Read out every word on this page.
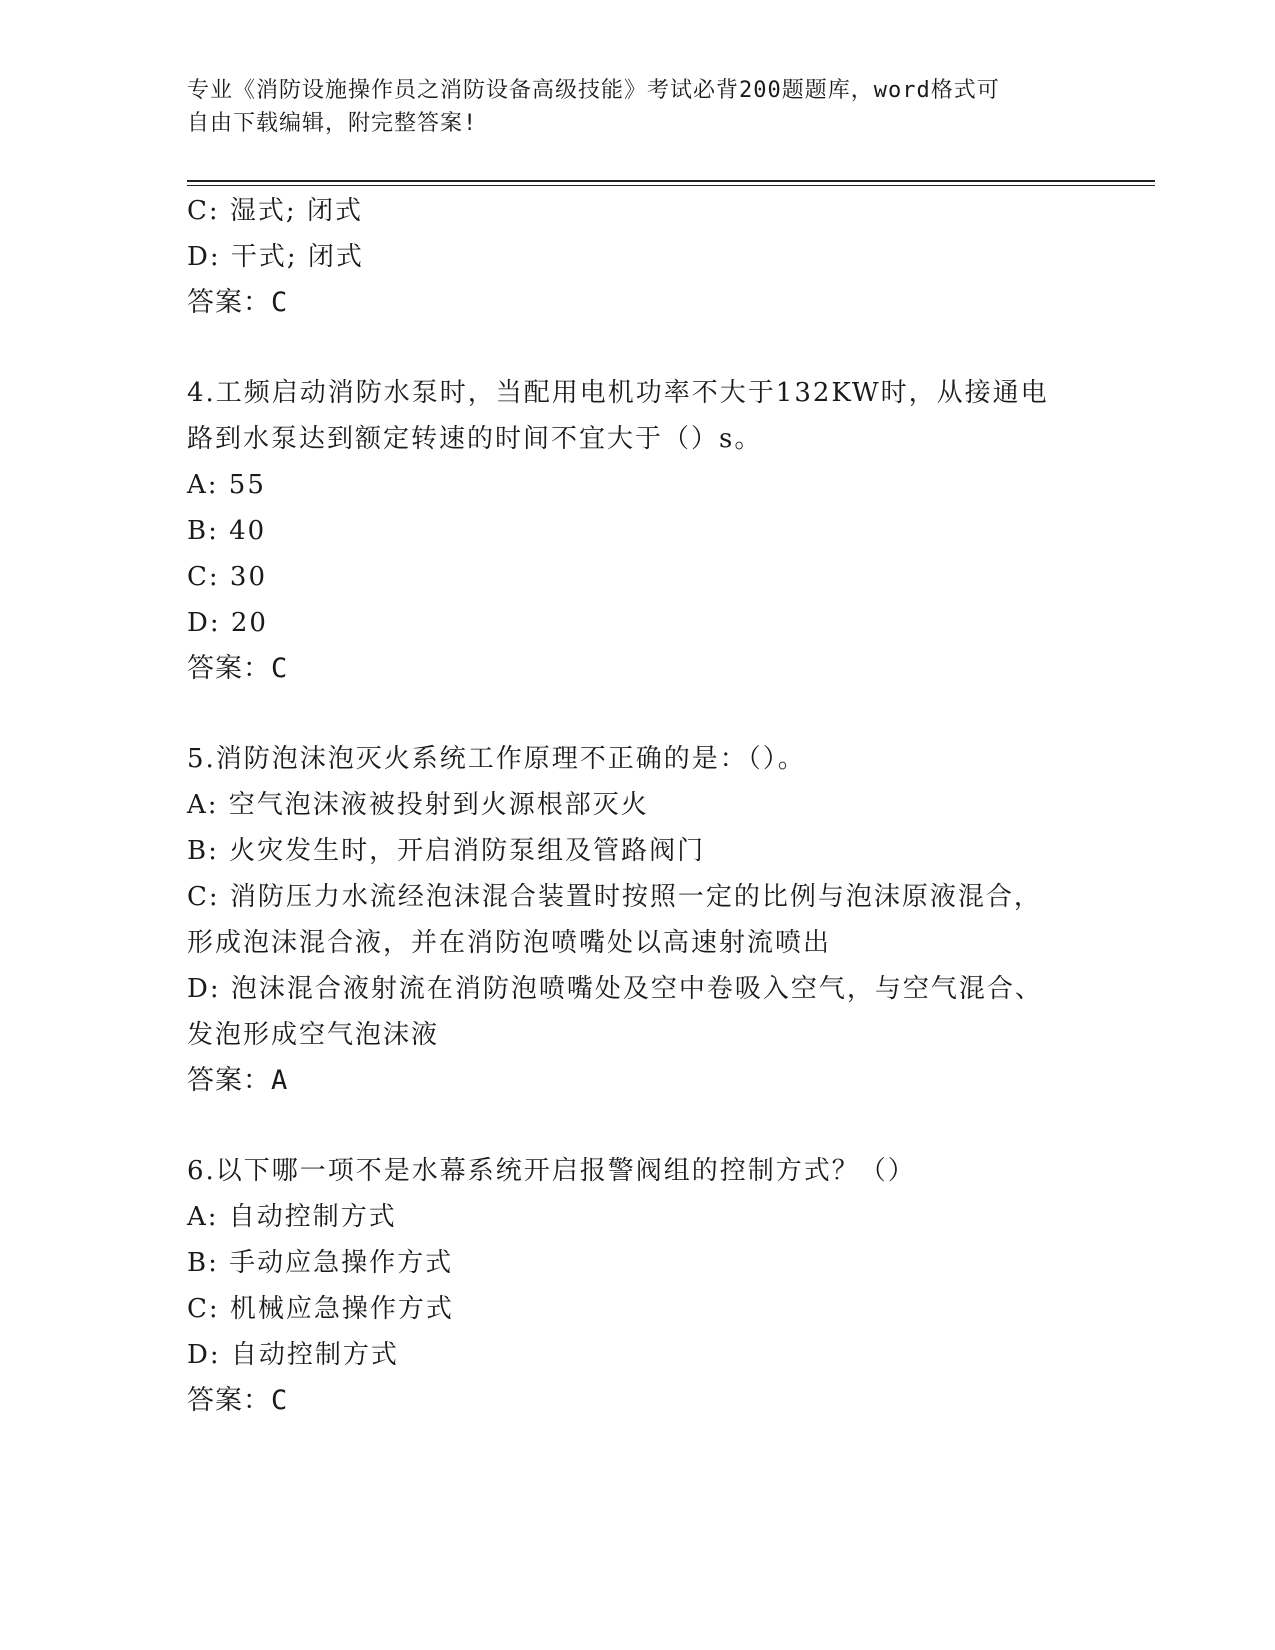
专业《消防设施操作员之消防设备高级技能》考试必背200题题库，word格式可
自由下载编辑，附完整答案!
C: 湿式; 闭式
D: 干式; 闭式
答案：C
4.工频启动消防水泵时，当配用电机功率不大于132KW时，从接通电
路到水泵达到额定转速的时间不宜大于（）s。
A: 55
B: 40
C: 30
D: 20
答案：C
5.消防泡沫泡灭火系统工作原理不正确的是：（）。
A: 空气泡沫液被投射到火源根部灭火
B: 火灾发生时，开启消防泵组及管路阀门
C: 消防压力水流经泡沫混合装置时按照一定的比例与泡沫原液混合，
形成泡沫混合液，并在消防泡喷嘴处以高速射流喷出
D: 泡沫混合液射流在消防泡喷嘴处及空中卷吸入空气，与空气混合、
发泡形成空气泡沫液
答案：A
6.以下哪一项不是水幕系统开启报警阀组的控制方式？（）
A: 自动控制方式
B: 手动应急操作方式
C: 机械应急操作方式
D: 自动控制方式
答案：C
